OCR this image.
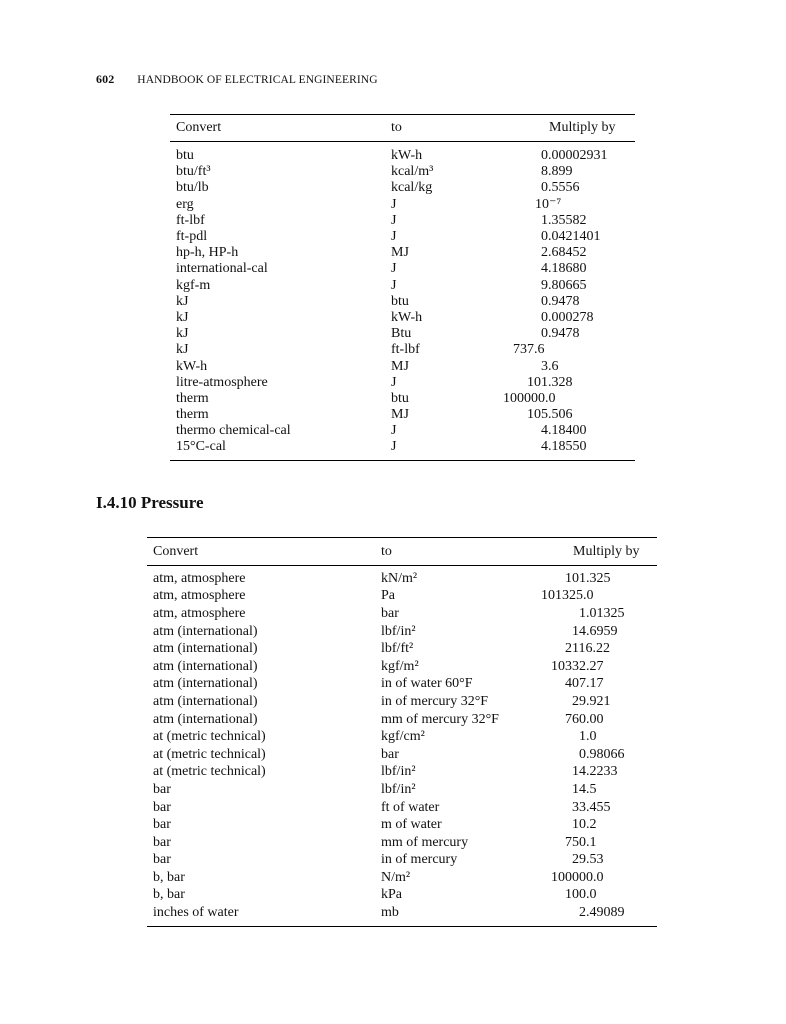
602 HANDBOOK OF ELECTRICAL ENGINEERING
Convert	to	Multiply by
btu	kW-h	0.00002931
btu/ft³	kcal/m³	8.899
btu/lb	kcal/kg	0.5556
erg	J	10⁻⁷
ft-lbf	J	1.35582
ft-pdl	J	0.0421401
hp-h, HP-h	MJ	2.68452
international-cal	J	4.18680
kgf-m	J	9.80665
kJ	btu	0.9478
kJ	kW-h	0.000278
kJ	Btu	0.9478
kJ	ft-lbf	737.6
kW-h	MJ	3.6
litre-atmosphere	J	101.328
therm	btu	100000.0
therm	MJ	105.506
thermo chemical-cal	J	4.18400
15°C-cal	J	4.18550
I.4.10 Pressure
Convert	to	Multiply by
atm, atmosphere	kN/m²	101.325
atm, atmosphere	Pa	101325.0
atm, atmosphere	bar	1.01325
atm (international)	lbf/in²	14.6959
atm (international)	lbf/ft²	2116.22
atm (international)	kgf/m²	10332.27
atm (international)	in of water 60°F	407.17
atm (international)	in of mercury 32°F	29.921
atm (international)	mm of mercury 32°F	760.00
at (metric technical)	kgf/cm²	1.0
at (metric technical)	bar	0.98066
at (metric technical)	lbf/in²	14.2233
bar	lbf/in²	14.5
bar	ft of water	33.455
bar	m of water	10.2
bar	mm of mercury	750.1
bar	in of mercury	29.53
b, bar	N/m²	100000.0
b, bar	kPa	100.0
inches of water	mb	2.49089
